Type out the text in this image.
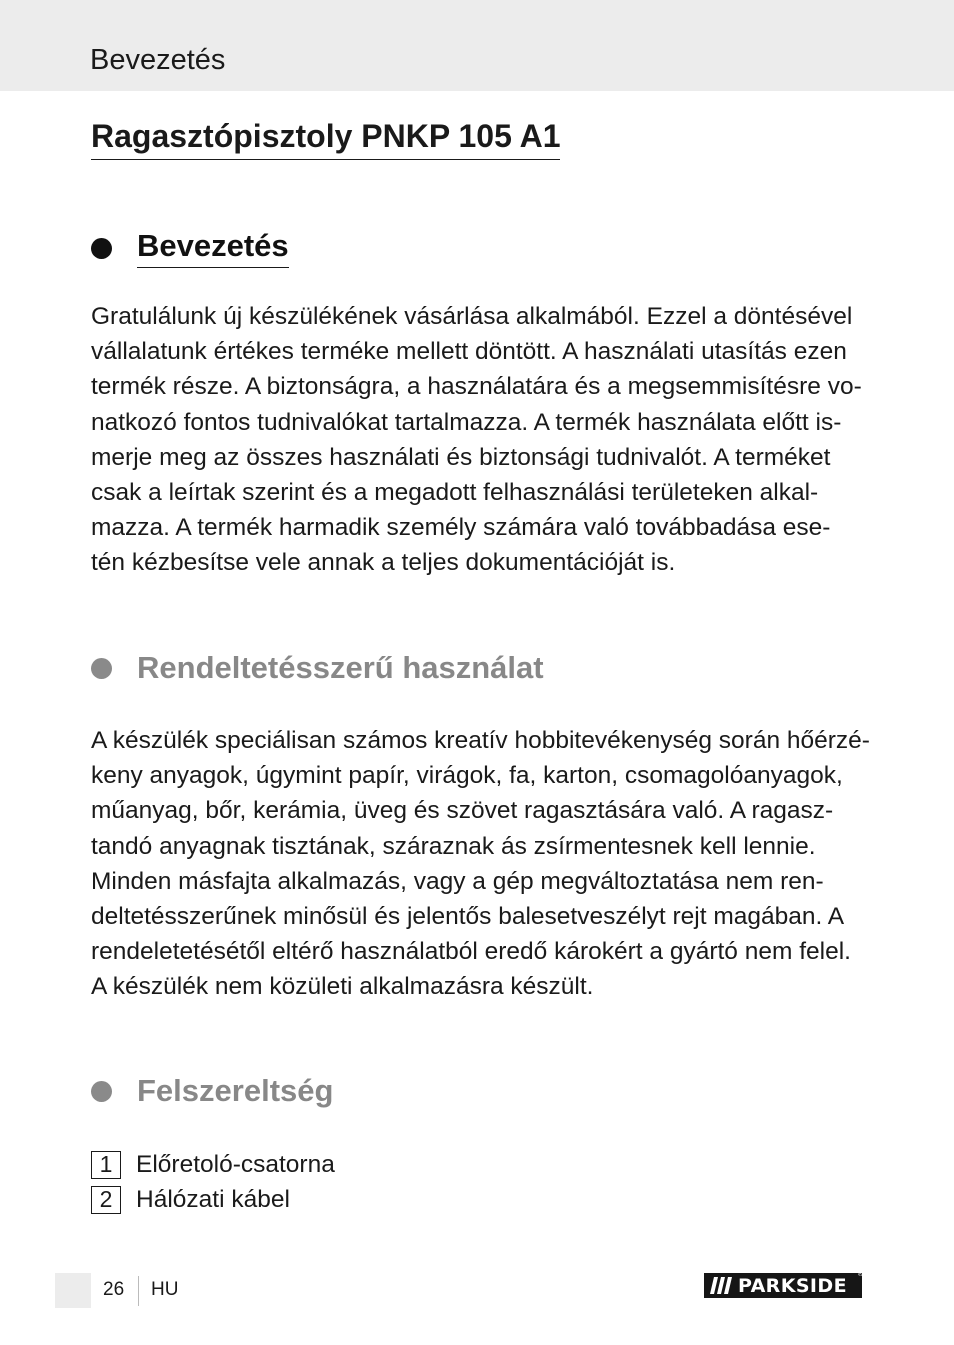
Bevezetés
Ragasztópisztoly PNKP 105 A1
Bevezetés

Gratulálunk új készülékének vásárlása alkalmából. Ezzel a döntésével
vállalatunk értékes terméke mellett döntött. A használati utasítás ezen
termék része. A biztonságra, a használatára és a megsemmisítésre vo-
natkozó fontos tudnivalókat tartalmazza. A termék használata előtt is-
merje meg az összes használati és biztonsági tudnivalót. A terméket
csak a leírtak szerint és a megadott felhasználási területeken alkal-
mazza. A termék harmadik személy számára való továbbadása ese-
tén kézbesítse vele annak a teljes dokumentációját is.

Rendeltetésszerű használat

A készülék speciálisan számos kreatív hobbitevékenység során hőérzé-
keny anyagok, úgymint papír, virágok, fa, karton, csomagolóanyagok,
műanyag, bőr, kerámia, üveg és szövet ragasztására való. A ragasz-
tandó anyagnak tisztának, száraznak ás zsírmentesnek kell lennie.
Minden másfajta alkalmazás, vagy a gép megváltoztatása nem ren-
deltetésszerűnek minősül és jelentős balesetveszélyt rejt magában. A
rendeletetésétől eltérő használatból eredő károkért a gyártó nem felel.
A készülék nem közületi alkalmazásra készült.

Felszereltség
1 Előretoló-csatorna
2 Hálózati kábel
26 HU	PARKSIDE ®
